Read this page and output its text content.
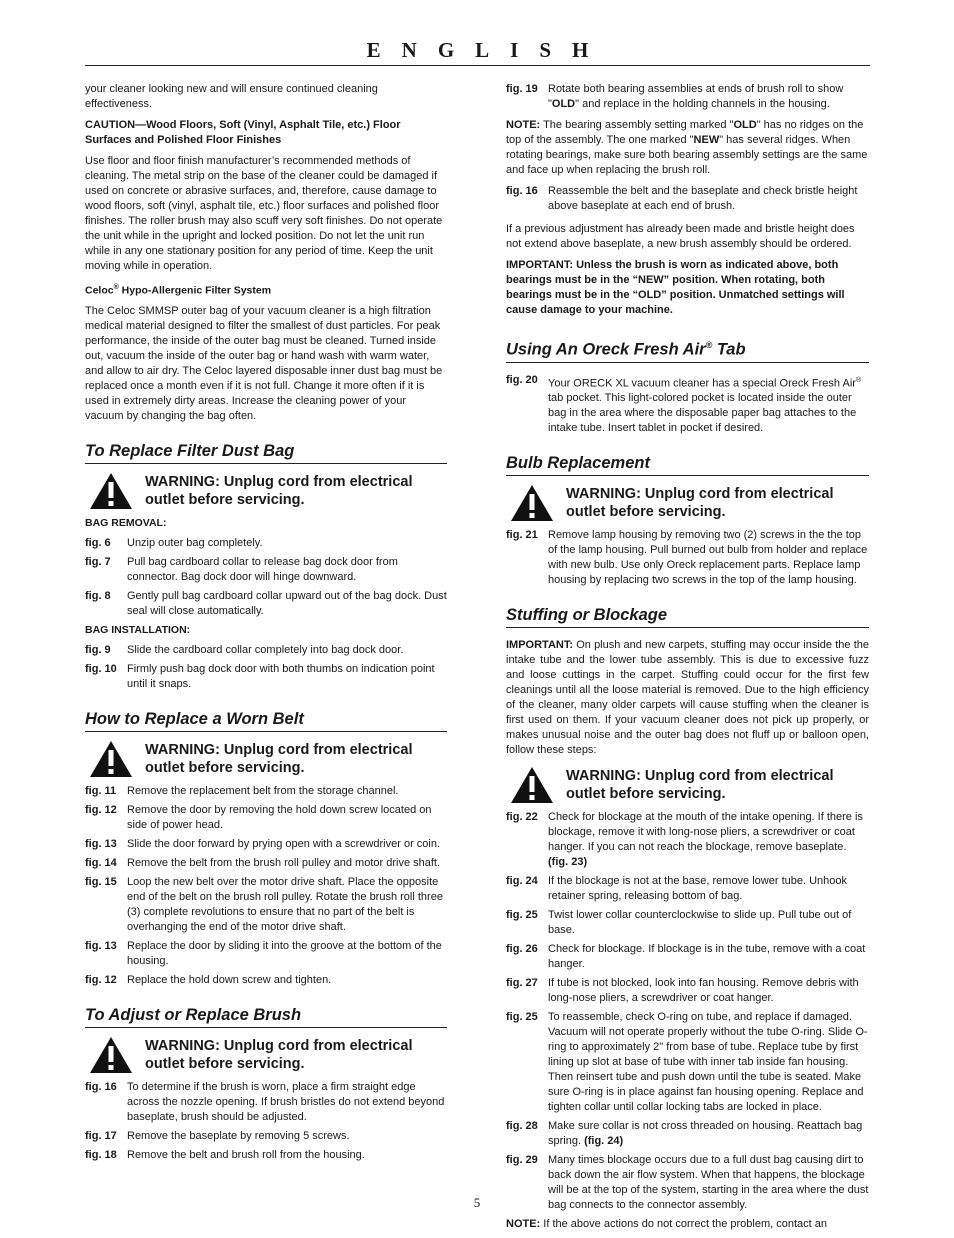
ENGLISH

your cleaner looking new and will ensure continued cleaning effectiveness.

CAUTION—Wood Floors, Soft (Vinyl, Asphalt Tile, etc.) Floor Surfaces and Polished Floor Finishes

Use floor and floor finish manufacturer’s recommended methods of cleaning. The metal strip on the base of the cleaner could be damaged if used on concrete or abrasive surfaces, and, therefore, cause damage to wood floors, soft (vinyl, asphalt tile, etc.) floor surfaces and polished floor finishes. The roller brush may also scuff very soft finishes. Do not operate the unit while in the upright and locked position. Do not let the unit run while in any one stationary position for any period of time. Keep the unit moving while in operation.

Celoc® Hypo-Allergenic Filter System

The Celoc SMMSP outer bag of your vacuum cleaner is a high filtration medical material designed to filter the smallest of dust particles. For peak performance, the inside of the outer bag must be cleaned. Turned inside out, vacuum the inside of the outer bag or hand wash with warm water, and allow to air dry. The Celoc layered disposable inner dust bag must be replaced once a month even if it is not full. Change it more often if it is used in extremely dirty areas. Increase the cleaning power of your vacuum by changing the bag often.

To Replace Filter Dust Bag
WARNING: Unplug cord from electrical outlet before servicing.

BAG REMOVAL:

fig. 6	Unzip outer bag completely.
fig. 7	Pull bag cardboard collar to release bag dock door from connector. Bag dock door will hinge downward.
fig. 8	Gently pull bag cardboard collar upward out of the bag dock. Dust seal will close automatically.

BAG INSTALLATION:

fig. 9	Slide the cardboard collar completely into bag dock door.
fig. 10 Firmly push bag dock door with both thumbs on indication point until it snaps.
How to Replace a Worn Belt
WARNING: Unplug cord from electrical outlet before servicing.
fig. 11 Remove the replacement belt from the storage channel.
fig. 12 Remove the door by removing the hold down screw located on side of power head.
fig. 13 Slide the door forward by prying open with a screwdriver or coin.
fig. 14 Remove the belt from the brush roll pulley and motor drive shaft.
fig. 15 Loop the new belt over the motor drive shaft. Place the opposite end of the belt on the brush roll pulley. Rotate the brush roll three (3) complete revolutions to ensure that no part of the belt is overhanging the end of the motor drive shaft.
fig. 13 Replace the door by sliding it into the groove at the bottom of the housing.
fig. 12 Replace the hold down screw and tighten.
To Adjust or Replace Brush
WARNING: Unplug cord from electrical outlet before servicing.
fig. 16 To determine if the brush is worn, place a firm straight edge across the nozzle opening. If brush bristles do not extend beyond baseplate, brush should be adjusted.
fig. 17 Remove the baseplate by removing 5 screws.
fig. 18 Remove the belt and brush roll from the housing.
fig. 19 Rotate both bearing assemblies at ends of brush roll to show "OLD" and replace in the holding channels in the housing.

NOTE: The bearing assembly setting marked "OLD" has no ridges on the top of the assembly. The one marked "NEW" has several ridges. When rotating bearings, make sure both bearing assembly settings are the same and face up when replacing the brush roll.

fig. 16 Reassemble the belt and the baseplate and check bristle height above baseplate at each end of brush.

If a previous adjustment has already been made and bristle height does not extend above baseplate, a new brush assembly should be ordered.

IMPORTANT: Unless the brush is worn as indicated above, both bearings must be in the “NEW” position. When rotating, both bearings must be in the “OLD” position. Unmatched settings will cause damage to your machine.

Using An Oreck Fresh Air® Tab
fig. 20 Your ORECK XL vacuum cleaner has a special Oreck Fresh Air® tab pocket. This light-colored pocket is located inside the outer bag in the area where the disposable paper bag attaches to the intake tube. Insert tablet in pocket if desired.
Bulb Replacement
WARNING: Unplug cord from electrical outlet before servicing.
fig. 21 Remove lamp housing by removing two (2) screws in the the top of the lamp housing. Pull burned out bulb from holder and replace with new bulb. Use only Oreck replacement parts. Replace lamp housing by replacing two screws in the top of the lamp housing.
Stuffing or Blockage

IMPORTANT: On plush and new carpets, stuffing may occur inside the the intake tube and the lower tube assembly. This is due to excessive fuzz and loose cuttings in the carpet. Stuffing could occur for the first few cleanings until all the loose material is removed. Due to the high efficiency of the cleaner, many older carpets will cause stuffing when the cleaner is first used on them. If your vacuum cleaner does not pick up properly, or makes unusual noise and the outer bag does not fluff up or balloon open, follow these steps:

WARNING: Unplug cord from electrical outlet before servicing.
fig. 22 Check for blockage at the mouth of the intake opening. If there is blockage, remove it with long-nose pliers, a screwdriver or coat hanger. If you can not reach the blockage, remove baseplate. (fig. 23)
fig. 24 If the blockage is not at the base, remove lower tube. Unhook retainer spring, releasing bottom of bag.
fig. 25 Twist lower collar counterclockwise to slide up. Pull tube out of base.
fig. 26 Check for blockage. If blockage is in the tube, remove with a coat hanger.
fig. 27 If tube is not blocked, look into fan housing. Remove debris with long-nose pliers, a screwdriver or coat hanger.
fig. 25 To reassemble, check O-ring on tube, and replace if damaged. Vacuum will not operate properly without the tube O-ring. Slide O-ring to approximately 2" from base of tube. Replace tube by first lining up slot at base of tube with inner tab inside fan housing. Then reinsert tube and push down until the tube is seated. Make sure O-ring is in place against fan housing opening. Replace and tighten collar until collar locking tabs are locked in place.
fig. 28 Make sure collar is not cross threaded on housing. Reattach bag spring. (fig. 24)
fig. 29 Many times blockage occurs due to a full dust bag causing dirt to back down the air flow system. When that happens, the blockage will be at the top of the system, starting in the area where the dust bag connects to the connector assembly.

NOTE: If the above actions do not correct the problem, contact an

5
